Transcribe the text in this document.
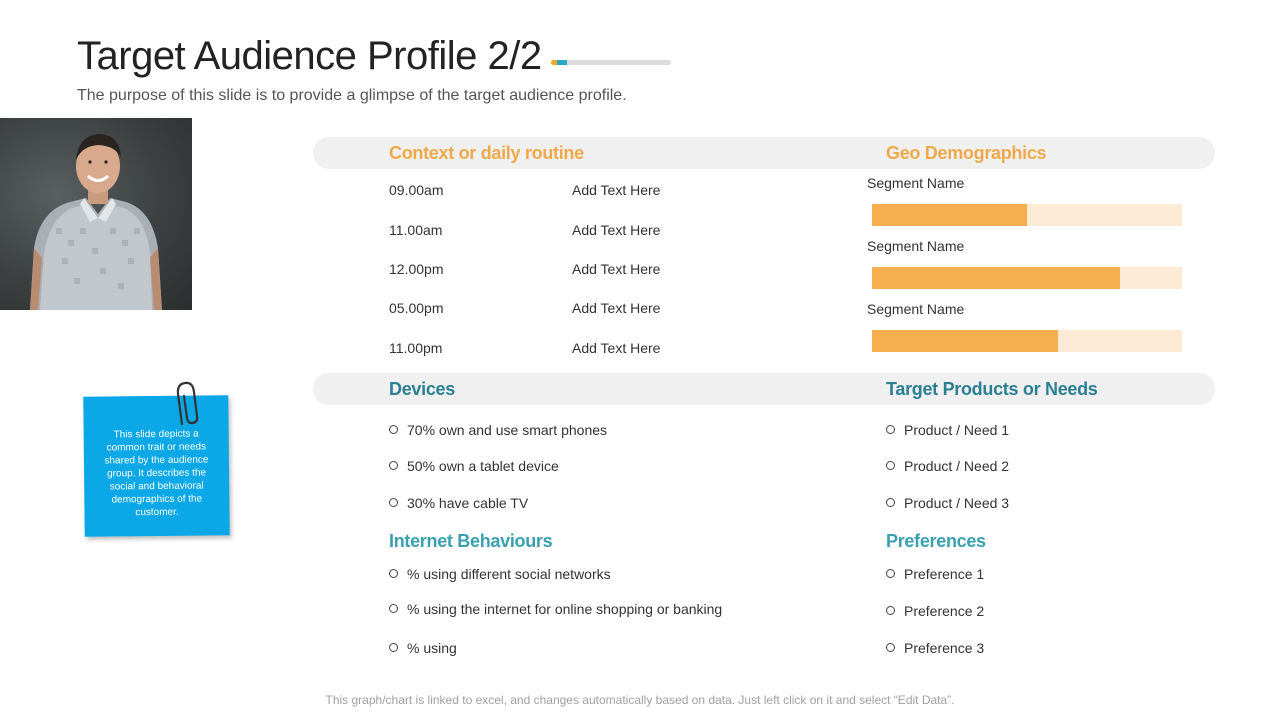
Target Audience Profile 2/2
The purpose of this slide is to provide a glimpse of the target audience profile.
This slide depicts a common trait or needs shared by the audience group. It describes the social and behavioral demographics of the customer.
Context or daily routine	Geo Demographics
09.00am	Add Text Here
11.00am	Add Text Here
12.00pm	Add Text Here
05.00pm	Add Text Here
11.00pm	Add Text Here
Segment Name
Segment Name
Segment Name
Devices	Target Products or Needs
70% own and use smart phones
50% own a tablet device
30% have cable TV
Product / Need 1
Product / Need 2
Product / Need 3
Internet Behaviours
% using different social networks
% using the internet for online shopping or banking
% using
Preferences
Preference 1
Preference 2
Preference 3
This graph/chart is linked to excel, and changes automatically based on data. Just left click on it and select “Edit Data”.
